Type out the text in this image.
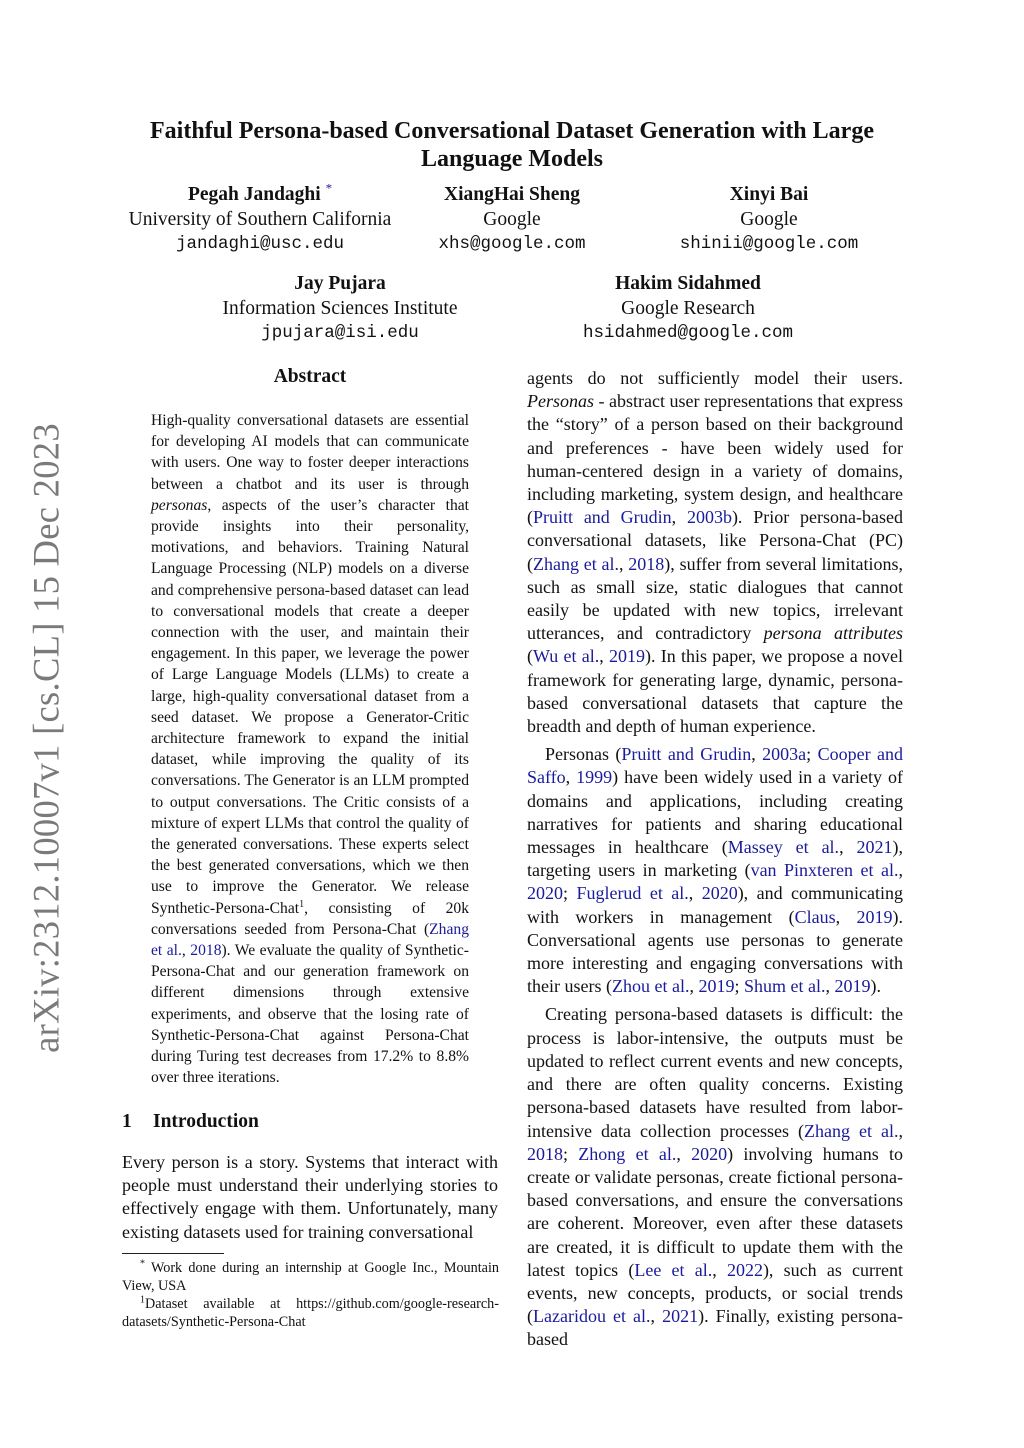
arXiv:2312.10007v1 [cs.CL] 15 Dec 2023
Faithful Persona-based Conversational Dataset Generation with Large Language Models
Pegah Jandaghi *
University of Southern California
jandaghi@usc.edu
XiangHai Sheng
Google
xhs@google.com
Xinyi Bai
Google
shinii@google.com
Jay Pujara
Information Sciences Institute
jpujara@isi.edu
Hakim Sidahmed
Google Research
hsidahmed@google.com
Abstract
High-quality conversational datasets are essential for developing AI models that can communicate with users. One way to foster deeper interactions between a chatbot and its user is through personas, aspects of the user’s character that provide insights into their personality, motivations, and behaviors. Training Natural Language Processing (NLP) models on a diverse and comprehensive persona-based dataset can lead to conversational models that create a deeper connection with the user, and maintain their engagement. In this paper, we leverage the power of Large Language Models (LLMs) to create a large, high-quality conversational dataset from a seed dataset. We propose a Generator-Critic architecture framework to expand the initial dataset, while improving the quality of its conversations. The Generator is an LLM prompted to output conversations. The Critic consists of a mixture of expert LLMs that control the quality of the generated conversations. These experts select the best generated conversations, which we then use to improve the Generator. We release Synthetic-Persona-Chat$^1$, consisting of 20k conversations seeded from Persona-Chat (Zhang et al., 2018). We evaluate the quality of Synthetic-Persona-Chat and our generation framework on different dimensions through extensive experiments, and observe that the losing rate of Synthetic-Persona-Chat against Persona-Chat during Turing test decreases from 17.2% to 8.8% over three iterations.
1 Introduction
Every person is a story. Systems that interact with people must understand their underlying stories to effectively engage with them. Unfortunately, many existing datasets used for training conversational
* Work done during an internship at Google Inc., Mountain View, USA
$^1$Dataset available at https://github.com/google-research-datasets/Synthetic-Persona-Chat

agents do not sufficiently model their users. Personas - abstract user representations that express the “story” of a person based on their background and preferences - have been widely used for human-centered design in a variety of domains, including marketing, system design, and healthcare (Pruitt and Grudin, 2003b). Prior persona-based conversational datasets, like Persona-Chat (PC) (Zhang et al., 2018), suffer from several limitations, such as small size, static dialogues that cannot easily be updated with new topics, irrelevant utterances, and contradictory persona attributes (Wu et al., 2019). In this paper, we propose a novel framework for generating large, dynamic, persona-based conversational datasets that capture the breadth and depth of human experience.

Personas (Pruitt and Grudin, 2003a; Cooper and Saffo, 1999) have been widely used in a variety of domains and applications, including creating narratives for patients and sharing educational messages in healthcare (Massey et al., 2021), targeting users in marketing (van Pinxteren et al., 2020; Fuglerud et al., 2020), and communicating with workers in management (Claus, 2019). Conversational agents use personas to generate more interesting and engaging conversations with their users (Zhou et al., 2019; Shum et al., 2019).

Creating persona-based datasets is difficult: the process is labor-intensive, the outputs must be updated to reflect current events and new concepts, and there are often quality concerns. Existing persona-based datasets have resulted from labor-intensive data collection processes (Zhang et al., 2018; Zhong et al., 2020) involving humans to create or validate personas, create fictional persona-based conversations, and ensure the conversations are coherent. Moreover, even after these datasets are created, it is difficult to update them with the latest topics (Lee et al., 2022), such as current events, new concepts, products, or social trends (Lazaridou et al., 2021). Finally, existing persona-based
